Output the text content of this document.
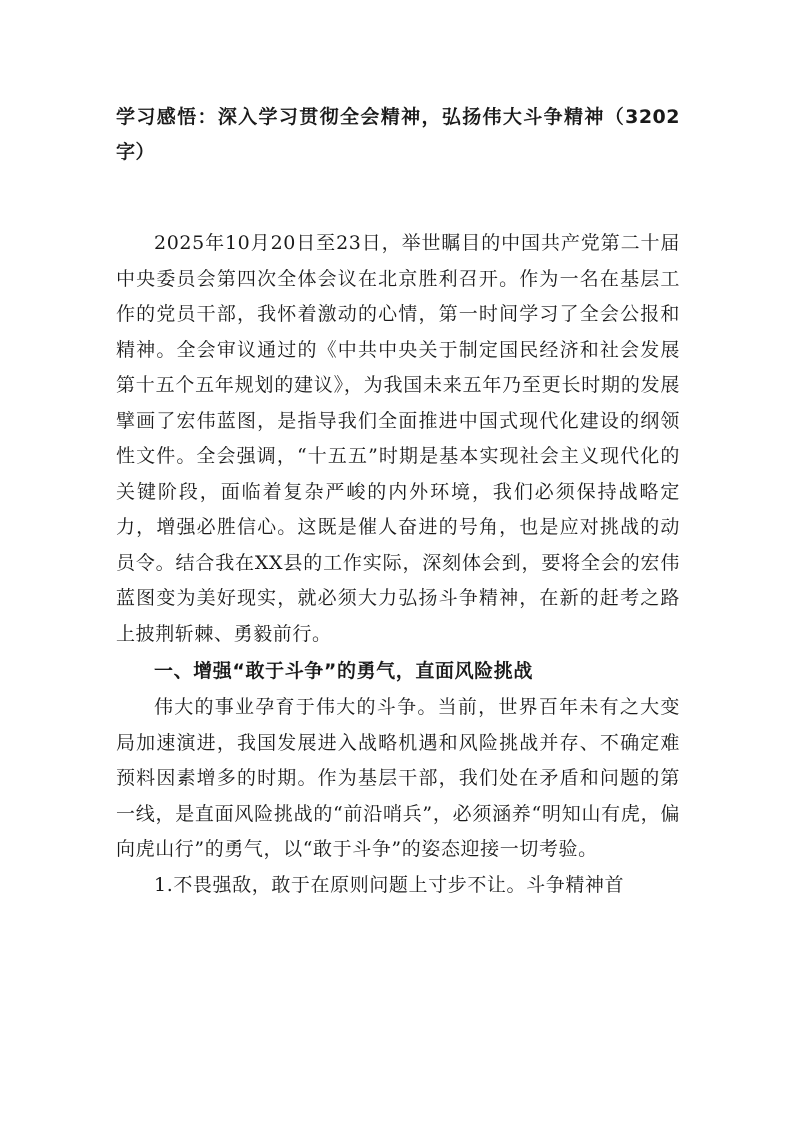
学习感悟：深入学习贯彻全会精神，弘扬伟大斗争精神（3202字）

2025年10月20日至23日，举世瞩目的中国共产党第二十届中央委员会第四次全体会议在北京胜利召开。作为一名在基层工作的党员干部，我怀着激动的心情，第一时间学习了全会公报和精神。全会审议通过的《中共中央关于制定国民经济和社会发展第十五个五年规划的建议》，为我国未来五年乃至更长时期的发展擘画了宏伟蓝图，是指导我们全面推进中国式现代化建设的纲领性文件。全会强调，“十五五”时期是基本实现社会主义现代化的关键阶段，面临着复杂严峻的内外环境，我们必须保持战略定力，增强必胜信心。这既是催人奋进的号角，也是应对挑战的动员令。结合我在XX县的工作实际，深刻体会到，要将全会的宏伟蓝图变为美好现实，就必须大力弘扬斗争精神，在新的赶考之路上披荆斩棘、勇毅前行。

一、增强“敢于斗争”的勇气，直面风险挑战

伟大的事业孕育于伟大的斗争。当前，世界百年未有之大变局加速演进，我国发展进入战略机遇和风险挑战并存、不确定难预料因素增多的时期。作为基层干部，我们处在矛盾和问题的第一线，是直面风险挑战的“前沿哨兵”，必须涵养“明知山有虎，偏向虎山行”的勇气，以“敢于斗争”的姿态迎接一切考验。

1.不畏强敌，敢于在原则问题上寸步不让。斗争精神首
